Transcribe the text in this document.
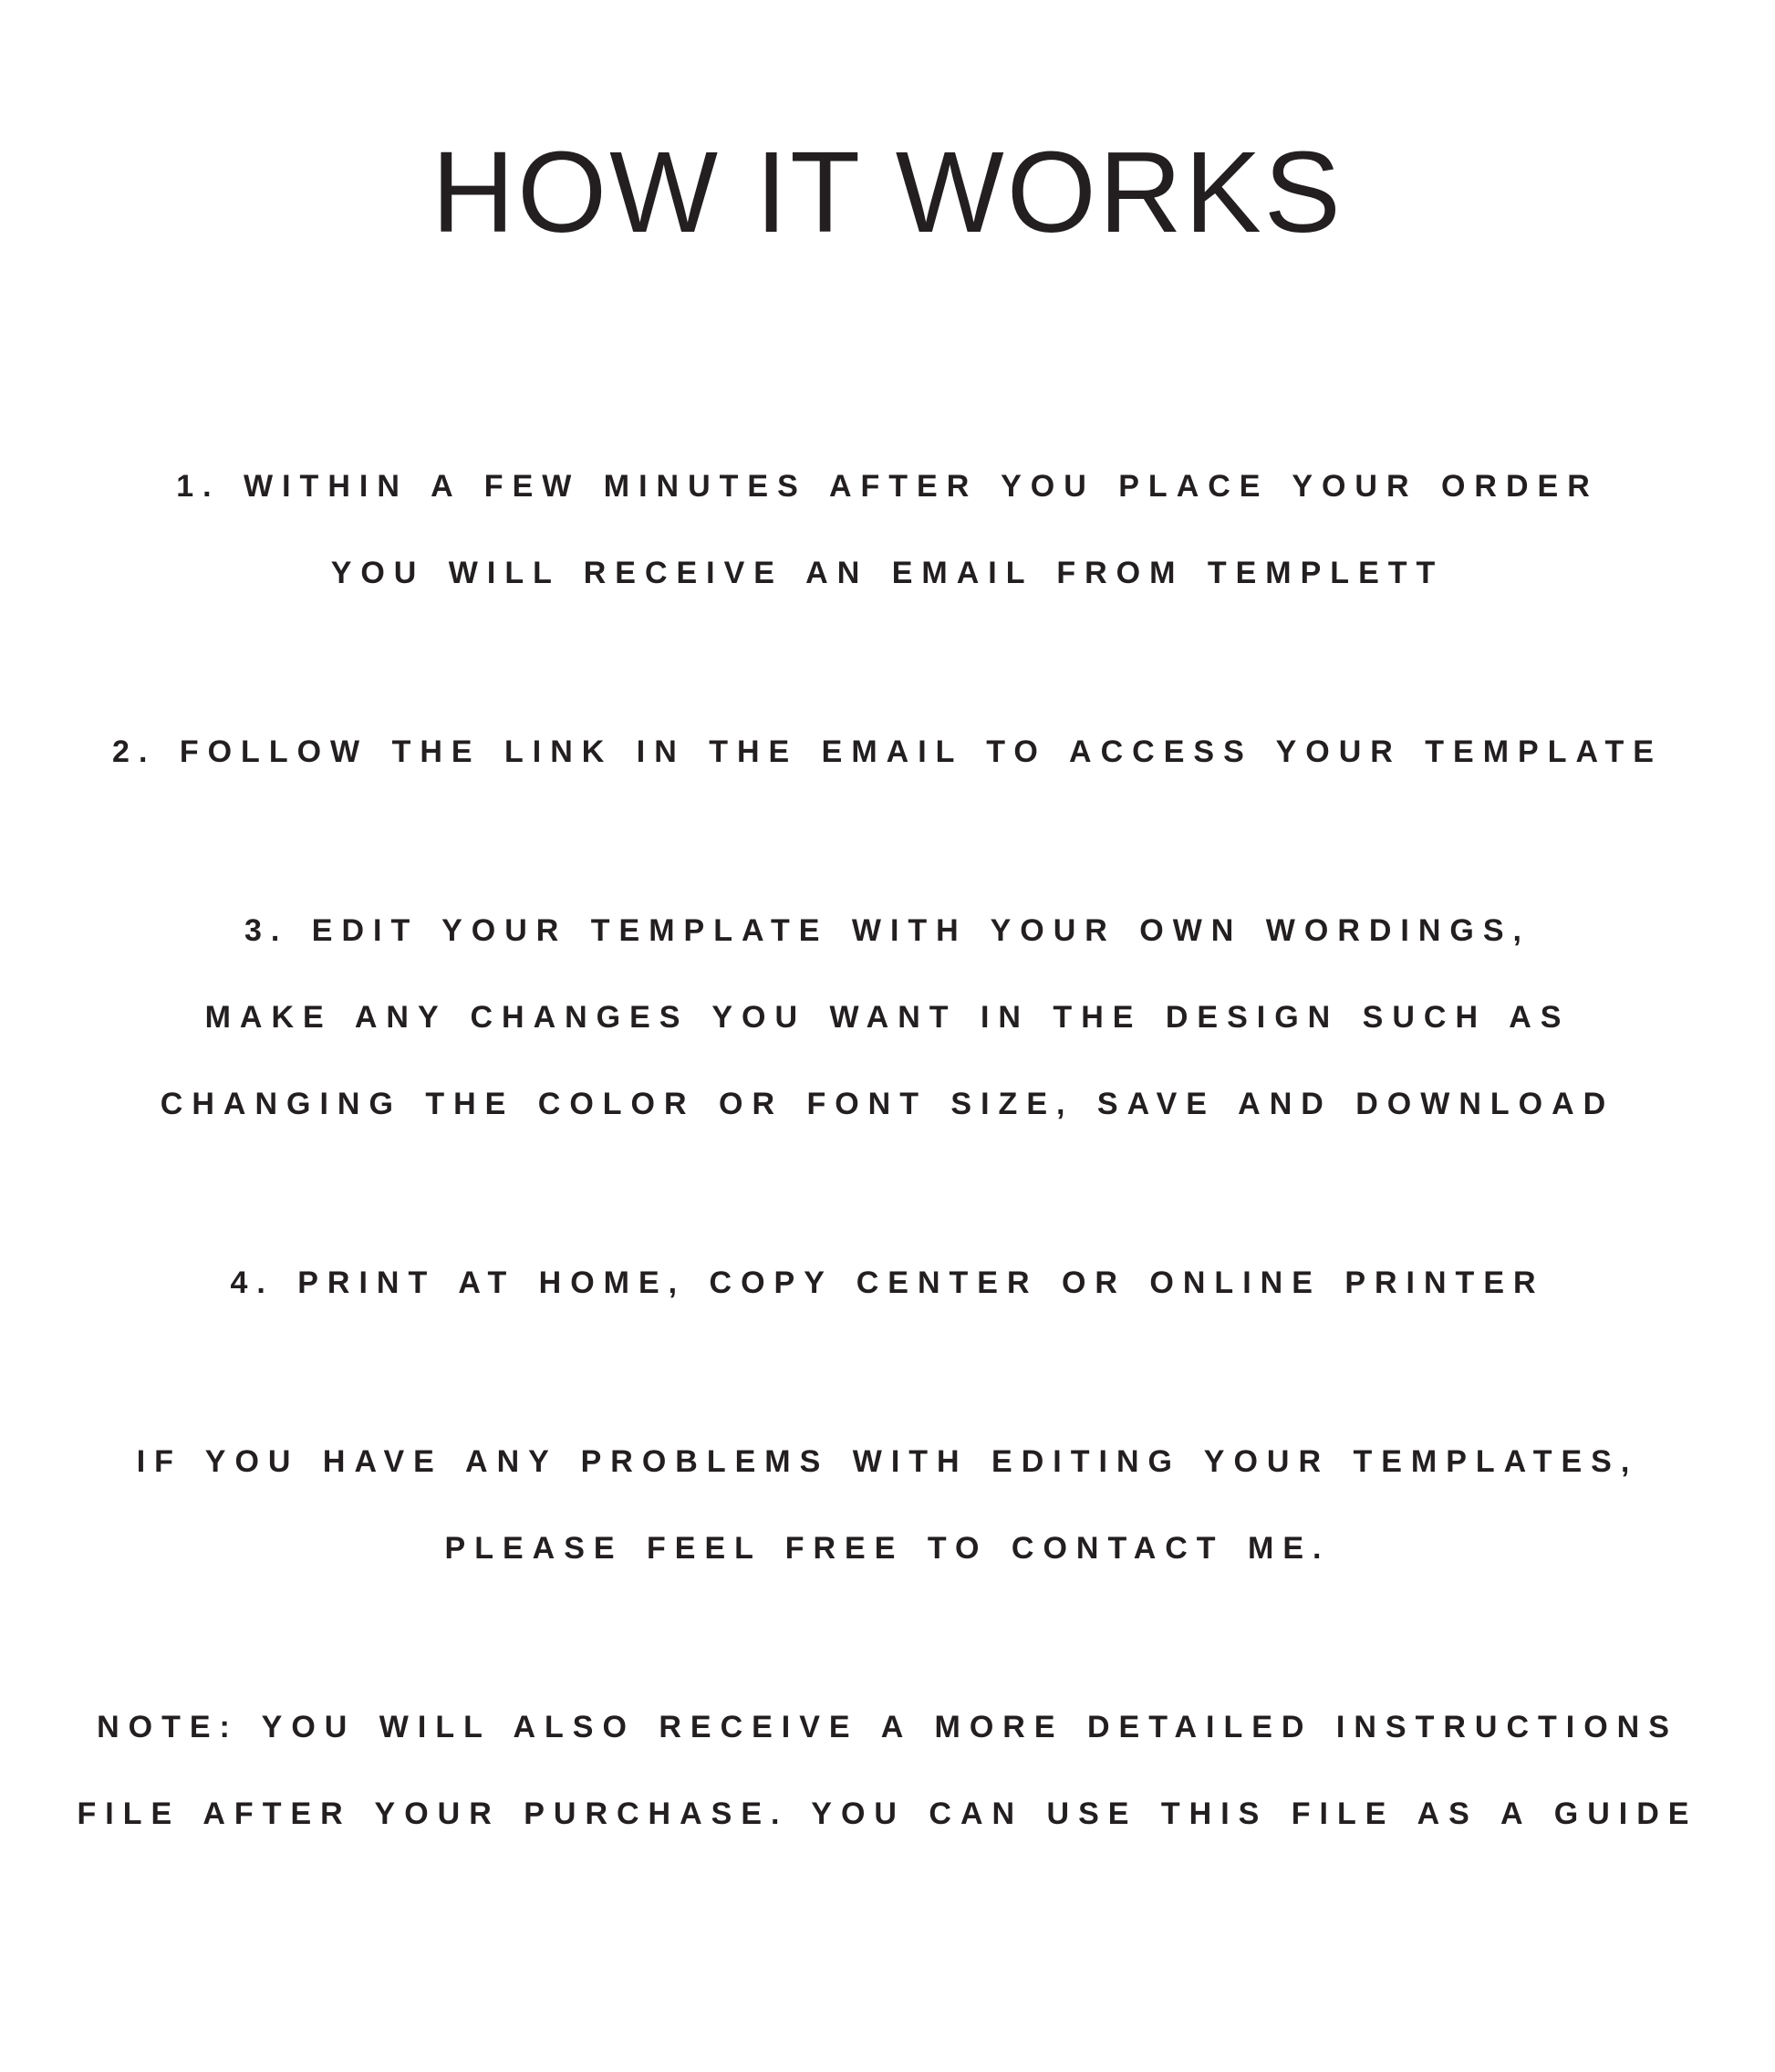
HOW IT WORKS

1. WITHIN A FEW MINUTES AFTER YOU PLACE YOUR ORDER
YOU WILL RECEIVE AN EMAIL FROM TEMPLETT

2. FOLLOW THE LINK IN THE EMAIL TO ACCESS YOUR TEMPLATE

3. EDIT YOUR TEMPLATE WITH YOUR OWN WORDINGS,
MAKE ANY CHANGES YOU WANT IN THE DESIGN SUCH AS
CHANGING THE COLOR OR FONT SIZE, SAVE AND DOWNLOAD

4. PRINT AT HOME, COPY CENTER OR ONLINE PRINTER

IF YOU HAVE ANY PROBLEMS WITH EDITING YOUR TEMPLATES,
PLEASE FEEL FREE TO CONTACT ME.

NOTE: YOU WILL ALSO RECEIVE A MORE DETAILED INSTRUCTIONS
FILE AFTER YOUR PURCHASE. YOU CAN USE THIS FILE AS A GUIDE
